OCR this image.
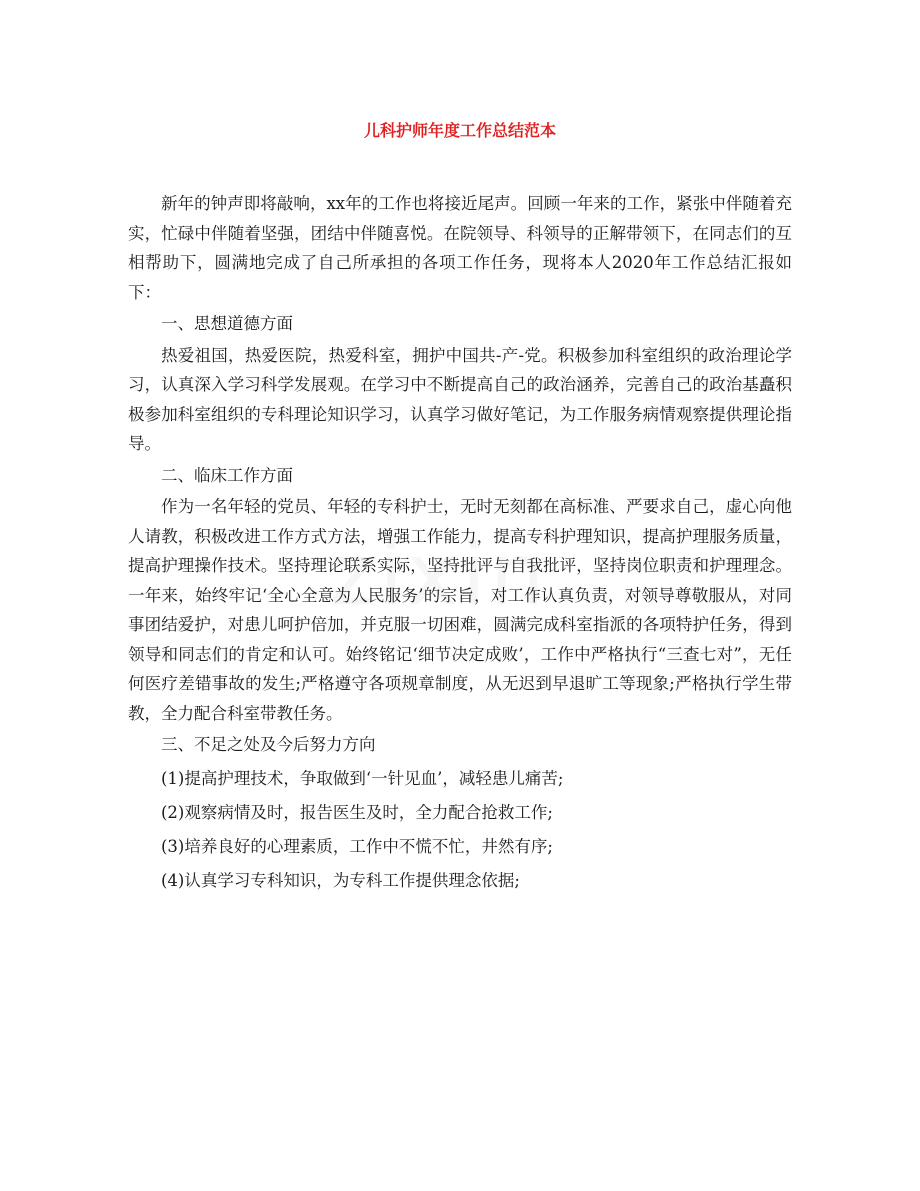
儿科护师年度工作总结范本

新年的钟声即将敲响，xx年的工作也将接近尾声。回顾一年来的工作，紧张中伴随着充实，忙碌中伴随着坚强，团结中伴随喜悦。在院领导、科领导的正解带领下，在同志们的互相帮助下，圆满地完成了自己所承担的各项工作任务，现将本人2020年工作总结汇报如下：

一、思想道德方面

热爱祖国，热爱医院，热爱科室，拥护中国共-产-党。积极参加科室组织的政治理论学习，认真深入学习科学发展观。在学习中不断提高自己的政治涵养，完善自己的政治基矗积极参加科室组织的专科理论知识学习，认真学习做好笔记，为工作服务病情观察提供理论指导。

二、临床工作方面

作为一名年轻的党员、年轻的专科护士，无时无刻都在高标准、严要求自己，虚心向他人请教，积极改进工作方式方法，增强工作能力，提高专科护理知识，提高护理服务质量，提高护理操作技术。坚持理论联系实际，坚持批评与自我批评，坚持岗位职责和护理理念。一年来，始终牢记‘全心全意为人民服务’的宗旨，对工作认真负责，对领导尊敬服从，对同事团结爱护，对患儿呵护倍加，并克服一切困难，圆满完成科室指派的各项特护任务，得到领导和同志们的肯定和认可。始终铭记‘细节决定成败’，工作中严格执行“三查七对”，无任何医疗差错事故的发生;严格遵守各项规章制度，从无迟到早退旷工等现象;严格执行学生带教，全力配合科室带教任务。

三、不足之处及今后努力方向

(1)提高护理技术，争取做到‘一针见血’，减轻患儿痛苦;

(2)观察病情及时，报告医生及时，全力配合抢救工作;

(3)培养良好的心理素质，工作中不慌不忙，井然有序;

(4)认真学习专科知识，为专科工作提供理念依据;
